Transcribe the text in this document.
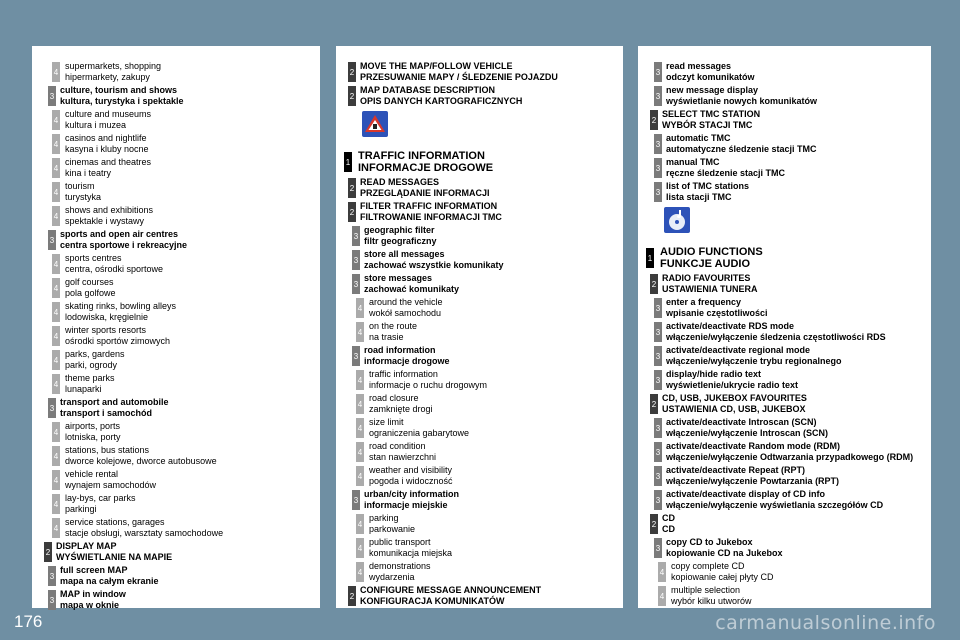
4
supermarkets, shopping
hipermarkety, zakupy
3
culture, tourism and shows
kultura, turystyka i spektakle
4
culture and museums
kultura i muzea
4
casinos and nightlife
kasyna i kluby nocne
4
cinemas and theatres
kina i teatry
4
tourism
turystyka
4
shows and exhibitions
spektakle i wystawy
3
sports and open air centres
centra sportowe i rekreacyjne
4
sports centres
centra, ośrodki sportowe
4
golf courses
pola golfowe
4
skating rinks, bowling alleys
lodowiska, kręgielnie
4
winter sports resorts
ośrodki sportów zimowych
4
parks, gardens
parki, ogrody
4
theme parks
lunaparki
3
transport and automobile
transport i samochód
4
airports, ports
lotniska, porty
4
stations, bus stations
dworce kolejowe, dworce autobusowe
4
vehicle rental
wynajem samochodów
4
lay-bys, car parks
parkingi
4
service stations, garages
stacje obsługi, warsztaty samochodowe
2
DISPLAY MAP
WYŚWIETLANIE NA MAPIE
3
full screen MAP
mapa na całym ekranie
3
MAP in window
mapa w oknie
2
MOVE THE MAP/FOLLOW VEHICLE
PRZESUWANIE MAPY / ŚLEDZENIE POJAZDU
2
MAP DATABASE DESCRIPTION
OPIS DANYCH KARTOGRAFICZNYCH
1 TRAFFIC INFORMATION
INFORMACJE DROGOWE
2
READ MESSAGES
PRZEGLĄDANIE INFORMACJI
2
FILTER TRAFFIC INFORMATION
FILTROWANIE INFORMACJI TMC
3
geographic filter
filtr geograficzny
3
store all messages
zachować wszystkie komunikaty
3
store messages
zachować komunikaty
4
around the vehicle
wokół samochodu
4
on the route
na trasie
3
road information
informacje drogowe
4
traffic information
informacje o ruchu drogowym
4
road closure
zamknięte drogi
4
size limit
ograniczenia gabarytowe
4
road condition
stan nawierzchni
4
weather and visibility
pogoda i widoczność
3
urban/city information
informacje miejskie
4
parking
parkowanie
4
public transport
komunikacja miejska
4
demonstrations
wydarzenia
2
CONFIGURE MESSAGE ANNOUNCEMENT
KONFIGURACJA KOMUNIKATÓW
3
read messages
odczyt komunikatów
3
new message display
wyświetlanie nowych komunikatów
2
SELECT TMC STATION
WYBÓR STACJI TMC
3
automatic TMC
automatyczne śledzenie stacji TMC
3
manual TMC
ręczne śledzenie stacji TMC
3
list of TMC stations
lista stacji TMC
1 AUDIO FUNCTIONS
FUNKCJE AUDIO
2
RADIO FAVOURITES
USTAWIENIA TUNERA
3
enter a frequency
wpisanie częstotliwości
3
activate/deactivate RDS mode
włączenie/wyłączenie śledzenia częstotliwości RDS
3
activate/deactivate regional mode
włączenie/wyłączenie trybu regionalnego
3
display/hide radio text
wyświetlenie/ukrycie radio text
2
CD, USB, JUKEBOX FAVOURITES
USTAWIENIA CD, USB, JUKEBOX
3
activate/deactivate Introscan (SCN)
włączenie/wyłączenie Introscan (SCN)
3
activate/deactivate Random mode (RDM)
włączenie/wyłączenie Odtwarzania przypadkowego (RDM)
3
activate/deactivate Repeat (RPT)
włączenie/wyłączenie Powtarzania (RPT)
3
activate/deactivate display of CD info
włączenie/wyłączenie wyświetlania szczegółów CD
2
CD
CD
3
copy CD to Jukebox
kopiowanie CD na Jukebox
4
copy complete CD
kopiowanie całej płyty CD
4
multiple selection
wybór kilku utworów
176	carmanualsonline.info
